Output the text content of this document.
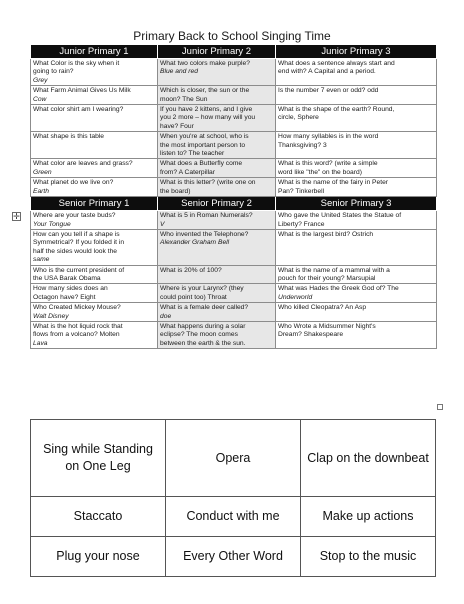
Primary Back to School Singing Time
✛
Junior Primary 1	Junior Primary 2	Junior Primary 3

What Color is the sky when it
going to rain?
Grey	What two colors make purple?
Blue and red	What does a sentence always start and
end with? A Capital and a period.

What Farm Animal Gives Us Milk
Cow	Which is closer, the sun or the
moon? The Sun	Is the number 7 even or odd? odd

What color shirt am I wearing?	If you have 2 kittens, and I give
you 2 more – how many will you
have? Four	What is the shape of the earth? Round,
circle, Sphere

What shape is this table	When you're at school, who is
the most important person to
listen to? The teacher	How many syllables is in the word
Thanksgiving? 3

What color are leaves and grass?
Green	What does a Butterfly come
from? A Caterpillar	What is this word? (write a simple
word like "the" on the board)

What planet do we live on?
Earth	What is this letter? (write one on
the board)	What is the name of the fairy in Peter
Pan? Tinkerbell

Senior Primary 1	Senior Primary 2	Senior Primary 3

Where are your taste buds?
Your Tongue	What is 5 in Roman Numerals?
V	Who gave the United States the Statue of
Liberty? France

How can you tell if a shape is
Symmetrical? If you folded it in
half the sides would look the
same	Who invented the Telephone?
Alexander Graham Bell	What is the largest bird? Ostrich

Who is the current president of
the USA Barak Obama	What is 20% of 100?	What is the name of a mammal with a
pouch for their young? Marsupial

How many sides does an
Octagon have? Eight	Where is your Larynx? (they
could point too) Throat	What was Hades the Greek God of? The
Underworld

Who Created Mickey Mouse?
Walt Disney	What is a female deer called?
doe	Who killed Cleopatra? An Asp

What is the hot liquid rock that
flows from a volcano? Molten
Lava	What happens during a solar
eclipse? The moon comes
between the earth & the sun.	Who Wrote a Midsummer Night's
Dream? Shakespeare
Sing while Standing on One Leg	Opera	Clap on the downbeat
Staccato	Conduct with me	Make up actions
Plug your nose	Every Other Word	Stop to the music
